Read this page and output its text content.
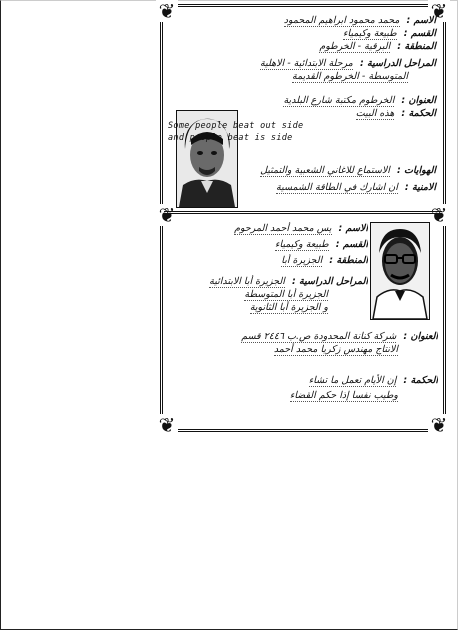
❦	❦
❦	❦
❦	❦
الاسم : محمد محمود ابراهيم المحمود
القسم : طبيعة وكيمياء
المنطقة : البرقية - الخرطوم
المراحل الدراسية : مرحلة الابتدائية - الاهلية
المتوسطة - الخرطوم القديمة
العنوان : الخرطوم مكتبة شارع البلدية
الحكمة : هذه البيت
Some people beat out side
and people beat is side
الهوايات : الاستماع للاغاني الشعبية والتمثيل
الامنية : ان اشارك في الطاقة الشمسية
الاسم : يس محمد أحمد المرحوم
القسم : طبيعة وكيمياء
المنطقة : الجزيرة أبا
المراحل الدراسية : الجزيرة أبا الابتدائية
الجزيرة أبا المتوسطة
و الجزيرة أبا الثانوية
العنوان : شركة كنانة المحدودة ص.ب ٢٤٤٦ قسم
الانتاج مهندس زكريا محمد أحمد
الحكمة : إن الأيام تعمل ما تشاء
وطيب نفسا إذا حكم القضاء
